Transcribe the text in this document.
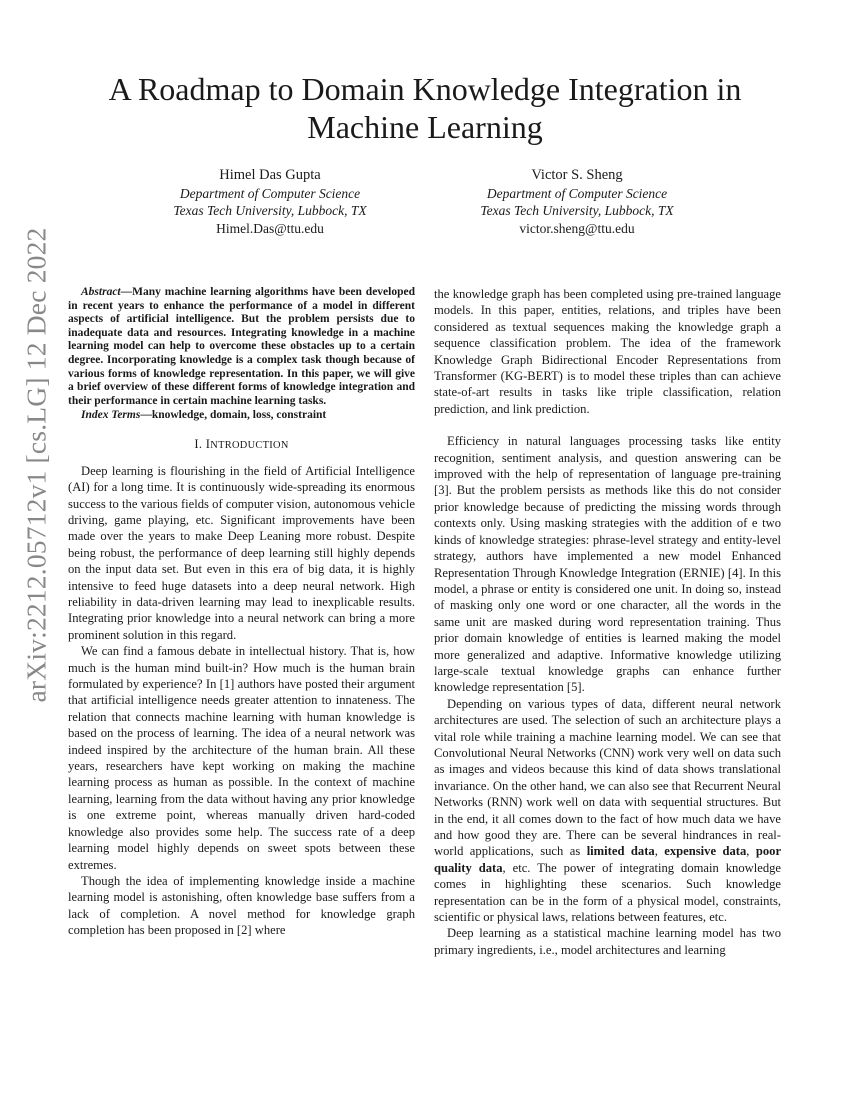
arXiv:2212.05712v1 [cs.LG] 12 Dec 2022
A Roadmap to Domain Knowledge Integration in Machine Learning
Himel Das Gupta
Department of Computer Science
Texas Tech University, Lubbock, TX
Himel.Das@ttu.edu
Victor S. Sheng
Department of Computer Science
Texas Tech University, Lubbock, TX
victor.sheng@ttu.edu

Abstract—Many machine learning algorithms have been developed in recent years to enhance the performance of a model in different aspects of artificial intelligence. But the problem persists due to inadequate data and resources. Integrating knowledge in a machine learning model can help to overcome these obstacles up to a certain degree. Incorporating knowledge is a complex task though because of various forms of knowledge representation. In this paper, we will give a brief overview of these different forms of knowledge integration and their performance in certain machine learning tasks.

Index Terms—knowledge, domain, loss, constraint

I. INTRODUCTION

Deep learning is flourishing in the field of Artificial Intelligence (AI) for a long time. It is continuously wide-spreading its enormous success to the various fields of computer vision, autonomous vehicle driving, game playing, etc. Significant improvements have been made over the years to make Deep Leaning more robust. Despite being robust, the performance of deep learning still highly depends on the input data set. But even in this era of big data, it is highly intensive to feed huge datasets into a deep neural network. High reliability in data-driven learning may lead to inexplicable results. Integrating prior knowledge into a neural network can bring a more prominent solution in this regard.

We can find a famous debate in intellectual history. That is, how much is the human mind built-in? How much is the human brain formulated by experience? In [1] authors have posted their argument that artificial intelligence needs greater attention to innateness. The relation that connects machine learning with human knowledge is based on the process of learning. The idea of a neural network was indeed inspired by the architecture of the human brain. All these years, researchers have kept working on making the machine learning process as human as possible. In the context of machine learning, learning from the data without having any prior knowledge is one extreme point, whereas manually driven hard-coded knowledge also provides some help. The success rate of a deep learning model highly depends on sweet spots between these extremes.

Though the idea of implementing knowledge inside a machine learning model is astonishing, often knowledge base suffers from a lack of completion. A novel method for knowledge graph completion has been proposed in [2] where

the knowledge graph has been completed using pre-trained language models. In this paper, entities, relations, and triples have been considered as textual sequences making the knowledge graph a sequence classification problem. The idea of the framework Knowledge Graph Bidirectional Encoder Representations from Transformer (KG-BERT) is to model these triples than can achieve state-of-art results in tasks like triple classification, relation prediction, and link prediction.

Efficiency in natural languages processing tasks like entity recognition, sentiment analysis, and question answering can be improved with the help of representation of language pre-training [3]. But the problem persists as methods like this do not consider prior knowledge because of predicting the missing words through contexts only. Using masking strategies with the addition of e two kinds of knowledge strategies: phrase-level strategy and entity-level strategy, authors have implemented a new model Enhanced Representation Through Knowledge Integration (ERNIE) [4]. In this model, a phrase or entity is considered one unit. In doing so, instead of masking only one word or one character, all the words in the same unit are masked during word representation training. Thus prior domain knowledge of entities is learned making the model more generalized and adaptive. Informative knowledge utilizing large-scale textual knowledge graphs can enhance further knowledge representation [5].

Depending on various types of data, different neural network architectures are used. The selection of such an architecture plays a vital role while training a machine learning model. We can see that Convolutional Neural Networks (CNN) work very well on data such as images and videos because this kind of data shows translational invariance. On the other hand, we can also see that Recurrent Neural Networks (RNN) work well on data with sequential structures. But in the end, it all comes down to the fact of how much data we have and how good they are. There can be several hindrances in real-world applications, such as limited data, expensive data, poor quality data, etc. The power of integrating domain knowledge comes in highlighting these scenarios. Such knowledge representation can be in the form of a physical model, constraints, scientific or physical laws, relations between features, etc.

Deep learning as a statistical machine learning model has two primary ingredients, i.e., model architectures and learning
